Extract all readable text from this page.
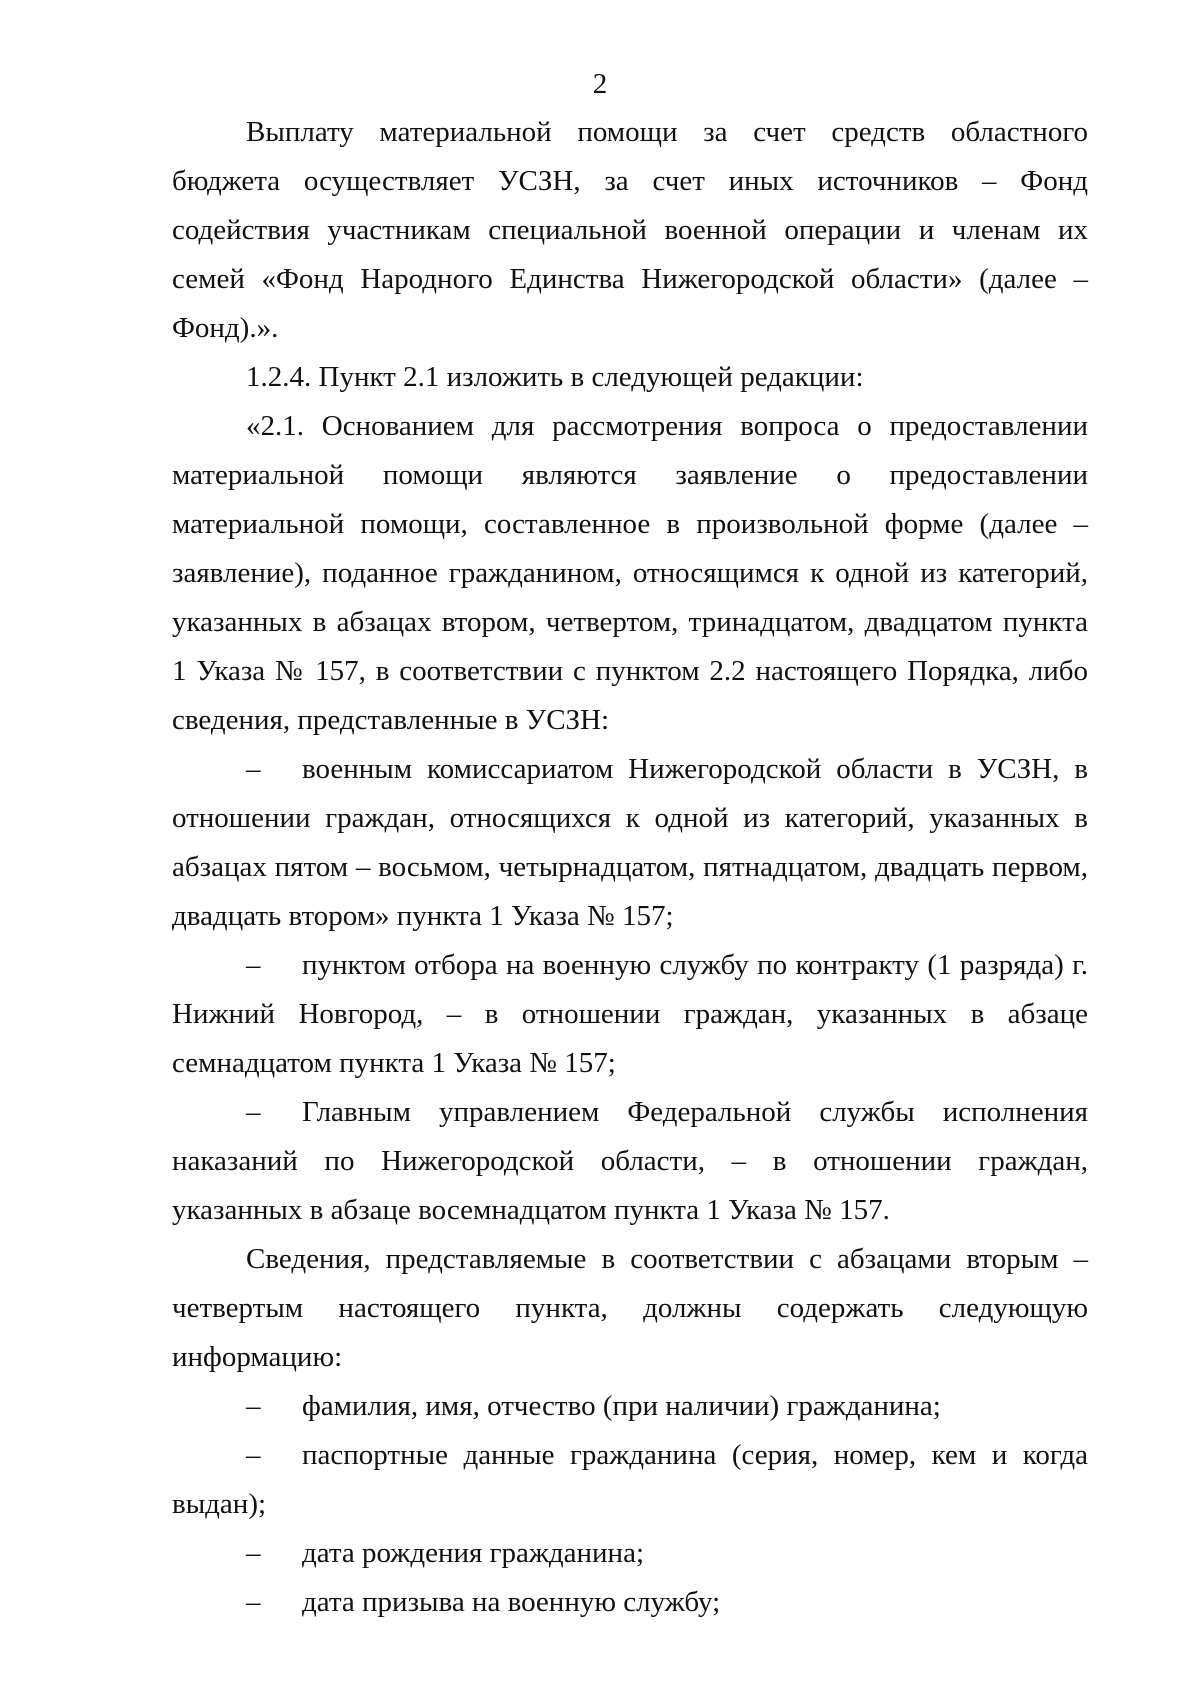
2

Выплату материальной помощи за счет средств областного бюджета осуществляет УСЗН, за счет иных источников – Фонд содействия участникам специальной военной операции и членам их семей «Фонд Народного Единства Нижегородской области» (далее – Фонд).».

1.2.4. Пункт 2.1 изложить в следующей редакции:

«2.1. Основанием для рассмотрения вопроса о предоставлении материальной помощи являются заявление о предоставлении материальной помощи, составленное в произвольной форме (далее – заявление), поданное гражданином, относящимся к одной из категорий, указанных в абзацах втором, четвертом, тринадцатом, двадцатом пункта 1 Указа № 157, в соответствии с пунктом 2.2 настоящего Порядка, либо сведения, представленные в УСЗН:

– военным комиссариатом Нижегородской области в УСЗН, в отношении граждан, относящихся к одной из категорий, указанных в абзацах пятом – восьмом, четырнадцатом, пятнадцатом, двадцать первом, двадцать втором» пункта 1 Указа № 157;

– пунктом отбора на военную службу по контракту (1 разряда) г. Нижний Новгород, – в отношении граждан, указанных в абзаце семнадцатом пункта 1 Указа № 157;

– Главным управлением Федеральной службы исполнения наказаний по Нижегородской области, – в отношении граждан, указанных в абзаце восемнадцатом пункта 1 Указа № 157.

Сведения, представляемые в соответствии с абзацами вторым – четвертым настоящего пункта, должны содержать следующую информацию:

– фамилия, имя, отчество (при наличии) гражданина;

– паспортные данные гражданина (серия, номер, кем и когда выдан);

– дата рождения гражданина;

– дата призыва на военную службу;
